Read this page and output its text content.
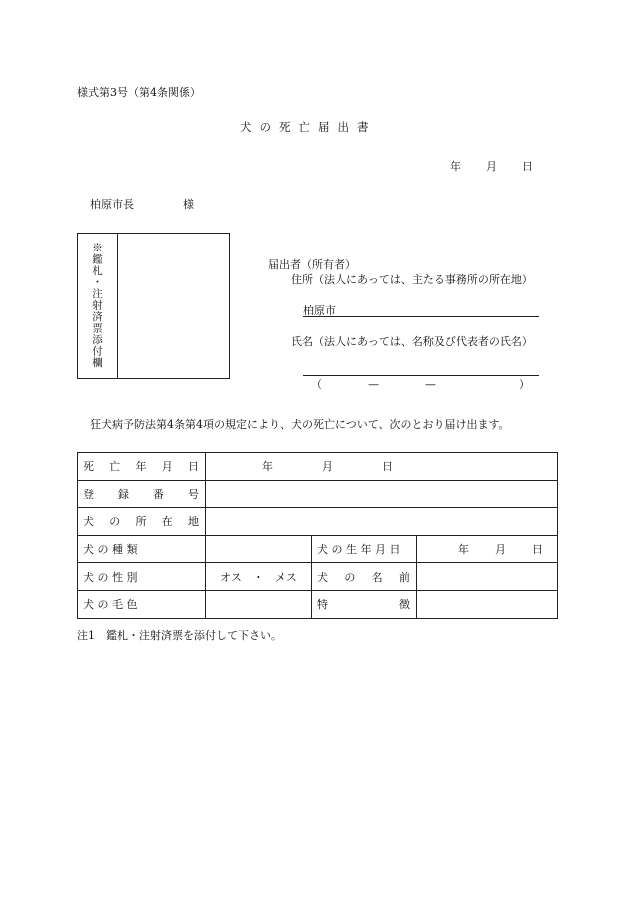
様式第3号（第4条関係）
犬の死亡届出書
年 月 日
柏原市長	様
※鑑札・注射済票添付欄	届出者（所有者）
住所（法人にあっては、主たる事務所の所在地）
柏原市
氏名（法人にあっては、名称及び代表者の氏名）
（	—	—	）
狂犬病予防法第4条第4項の規定により、犬の死亡について、次のとおり届け出ます。
死 亡 年 月 日	年 月 日		

登 録 番 号			

犬 の 所 在 地			

犬 の 種 類		犬 の 生 年 月 日	年 月 日

犬 の 性 別	オス　・　メス	犬 の 名 前	

犬 の 毛 色		特 徴	

注1　鑑札・注射済票を添付して下さい。
